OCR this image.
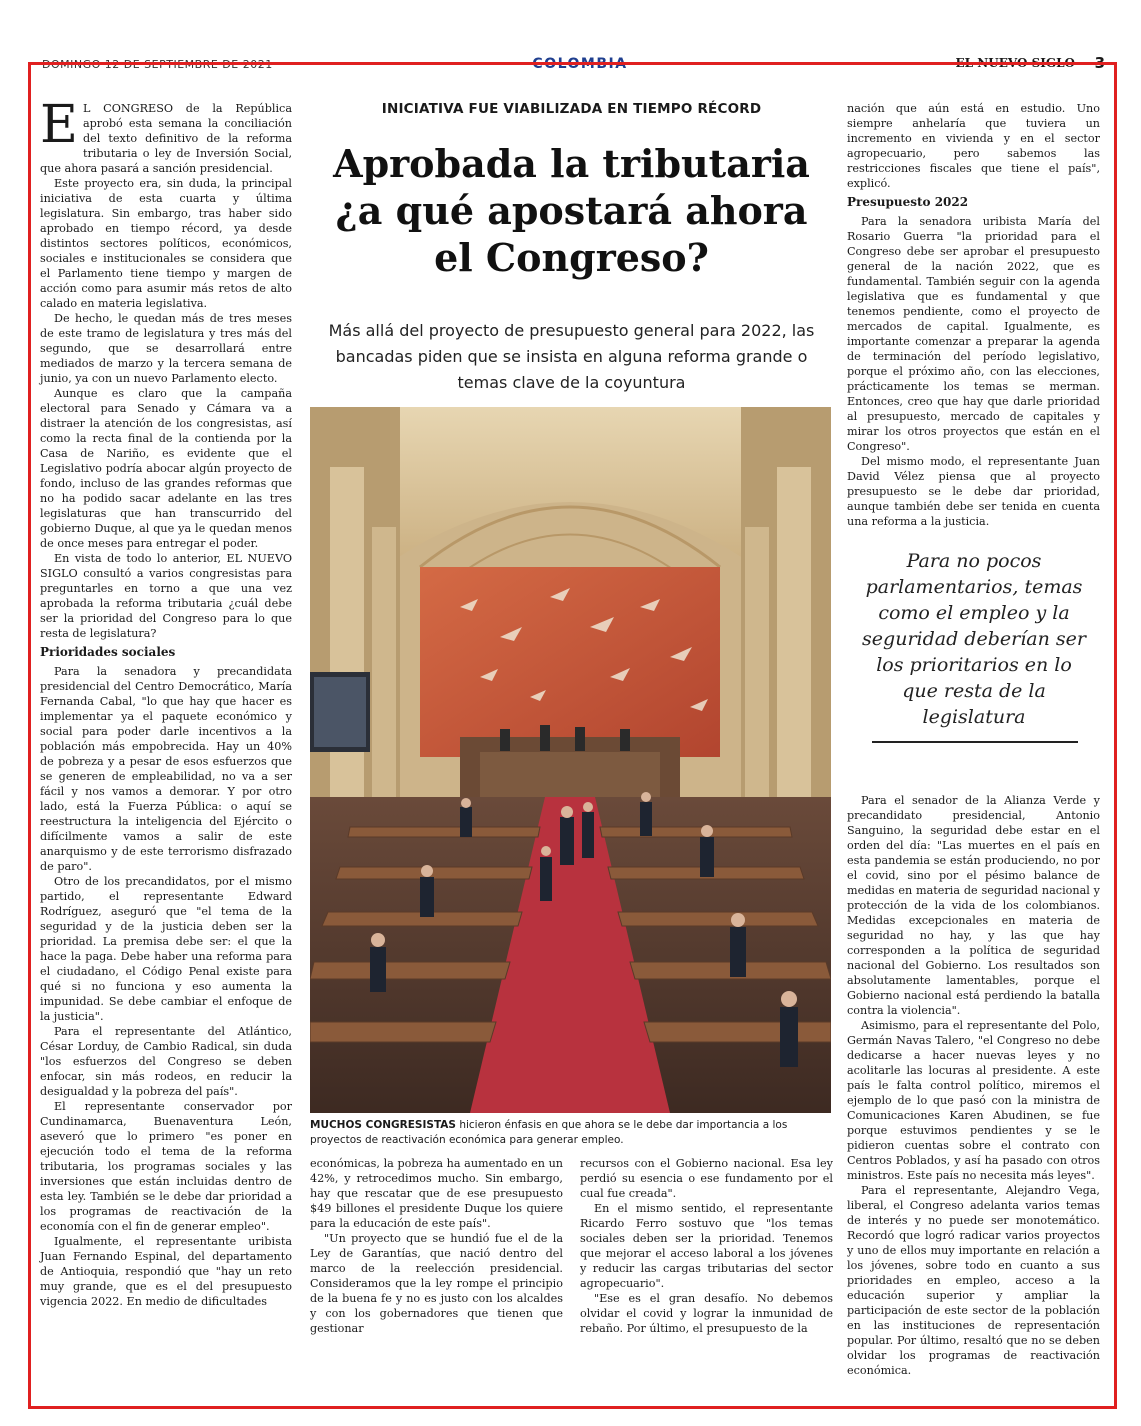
DOMINGO 12 DE SEPTIEMBRE DE 2021	COLOMBIA	EL NUEVO SIGLO 3

E L CONGRESO de la República aprobó esta semana la conciliación del texto definitivo de la reforma tributaria o ley de Inversión Social, que ahora pasará a sanción presidencial.

Este proyecto era, sin duda, la principal iniciativa de esta cuarta y última legislatura. Sin embargo, tras haber sido aprobado en tiempo récord, ya desde distintos sectores políticos, económicos, sociales e institucionales se considera que el Parlamento tiene tiempo y margen de acción como para asumir más retos de alto calado en materia legislativa.

De hecho, le quedan más de tres meses de este tramo de legislatura y tres más del segundo, que se desarrollará entre mediados de marzo y la tercera semana de junio, ya con un nuevo Parlamento electo.

Aunque es claro que la campaña electoral para Senado y Cámara va a distraer la atención de los congresistas, así como la recta final de la contienda por la Casa de Nariño, es evidente que el Legislativo podría abocar algún proyecto de fondo, incluso de las grandes reformas que no ha podido sacar adelante en las tres legislaturas que han transcurrido del gobierno Duque, al que ya le quedan menos de once meses para entregar el poder.

En vista de todo lo anterior, EL NUEVO SIGLO consultó a varios congresistas para preguntarles en torno a que una vez aprobada la reforma tributaria ¿cuál debe ser la prioridad del Congreso para lo que resta de legislatura?

Prioridades sociales

Para la senadora y precandidata presidencial del Centro Democrático, María Fernanda Cabal, "lo que hay que hacer es implementar ya el paquete económico y social para poder darle incentivos a la población más empobrecida. Hay un 40% de pobreza y a pesar de esos esfuerzos que se generen de empleabilidad, no va a ser fácil y nos vamos a demorar. Y por otro lado, está la Fuerza Pública: o aquí se reestructura la inteligencia del Ejército o difícilmente vamos a salir de este anarquismo y de este terrorismo disfrazado de paro".

Otro de los precandidatos, por el mismo partido, el representante Edward Rodríguez, aseguró que "el tema de la seguridad y de la justicia deben ser la prioridad. La premisa debe ser: el que la hace la paga. Debe haber una reforma para el ciudadano, el Código Penal existe para qué si no funciona y eso aumenta la impunidad. Se debe cambiar el enfoque de la justicia".

Para el representante del Atlántico, César Lorduy, de Cambio Radical, sin duda "los esfuerzos del Congreso se deben enfocar, sin más rodeos, en reducir la desigualdad y la pobreza del país".

El representante conservador por Cundinamarca, Buenaventura León, aseveró que lo primero "es poner en ejecución todo el tema de la reforma tributaria, los programas sociales y las inversiones que están incluidas dentro de esta ley. También se le debe dar prioridad a los programas de reactivación de la economía con el fin de generar empleo".

Igualmente, el representante uribista Juan Fernando Espinal, del departamento de Antioquia, respondió que "hay un reto muy grande, que es el del presupuesto vigencia 2022. En medio de dificultades

INICIATIVA FUE VIABILIZADA EN TIEMPO RÉCORD
Aprobada la tributaria ¿a qué apostará ahora el Congreso?
Más allá del proyecto de presupuesto general para 2022, las bancadas piden que se insista en alguna reforma grande o temas clave de la coyuntura
MUCHOS CONGRESISTAS hicieron énfasis en que ahora se le debe dar importancia a los proyectos de reactivación económica para generar empleo.

económicas, la pobreza ha aumentado en un 42%, y retrocedimos mucho. Sin embargo, hay que rescatar que de ese presupuesto $49 billones el presidente Duque los quiere para la educación de este país".

"Un proyecto que se hundió fue el de la Ley de Garantías, que nació dentro del marco de la reelección presidencial. Consideramos que la ley rompe el principio de la buena fe y no es justo con los alcaldes y con los gobernadores que tienen que gestionar

recursos con el Gobierno nacional. Esa ley perdió su esencia o ese fundamento por el cual fue creada".

En el mismo sentido, el representante Ricardo Ferro sostuvo que "los temas sociales deben ser la prioridad. Tenemos que mejorar el acceso laboral a los jóvenes y reducir las cargas tributarias del sector agropecuario".

"Ese es el gran desafío. No debemos olvidar el covid y lograr la inmunidad de rebaño. Por último, el presupuesto de la

nación que aún está en estudio. Uno siempre anhelaría que tuviera un incremento en vivienda y en el sector agropecuario, pero sabemos las restricciones fiscales que tiene el país", explicó.

Presupuesto 2022

Para la senadora uribista María del Rosario Guerra "la prioridad para el Congreso debe ser aprobar el presupuesto general de la nación 2022, que es fundamental. También seguir con la agenda legislativa que es fundamental y que tenemos pendiente, como el proyecto de mercados de capital. Igualmente, es importante comenzar a preparar la agenda de terminación del período legislativo, porque el próximo año, con las elecciones, prácticamente los temas se merman. Entonces, creo que hay que darle prioridad al presupuesto, mercado de capitales y mirar los otros proyectos que están en el Congreso".

Del mismo modo, el representante Juan David Vélez piensa que al proyecto presupuesto se le debe dar prioridad, aunque también debe ser tenida en cuenta una reforma a la justicia.

Para no pocos parlamentarios, temas como el empleo y la seguridad deberían ser los prioritarios en lo que resta de la legislatura

Para el senador de la Alianza Verde y precandidato presidencial, Antonio Sanguino, la seguridad debe estar en el orden del día: "Las muertes en el país en esta pandemia se están produciendo, no por el covid, sino por el pésimo balance de medidas en materia de seguridad nacional y protección de la vida de los colombianos. Medidas excepcionales en materia de seguridad no hay, y las que hay corresponden a la política de seguridad nacional del Gobierno. Los resultados son absolutamente lamentables, porque el Gobierno nacional está perdiendo la batalla contra la violencia".

Asimismo, para el representante del Polo, Germán Navas Talero, "el Congreso no debe dedicarse a hacer nuevas leyes y no acolitarle las locuras al presidente. A este país le falta control político, miremos el ejemplo de lo que pasó con la ministra de Comunicaciones Karen Abudinen, se fue porque estuvimos pendientes y se le pidieron cuentas sobre el contrato con Centros Poblados, y así ha pasado con otros ministros. Este país no necesita más leyes".

Para el representante, Alejandro Vega, liberal, el Congreso adelanta varios temas de interés y no puede ser monotemático. Recordó que logró radicar varios proyectos y uno de ellos muy importante en relación a los jóvenes, sobre todo en cuanto a sus prioridades en empleo, acceso a la educación superior y ampliar la participación de este sector de la población en las instituciones de representación popular. Por último, resaltó que no se deben olvidar los programas de reactivación económica.
